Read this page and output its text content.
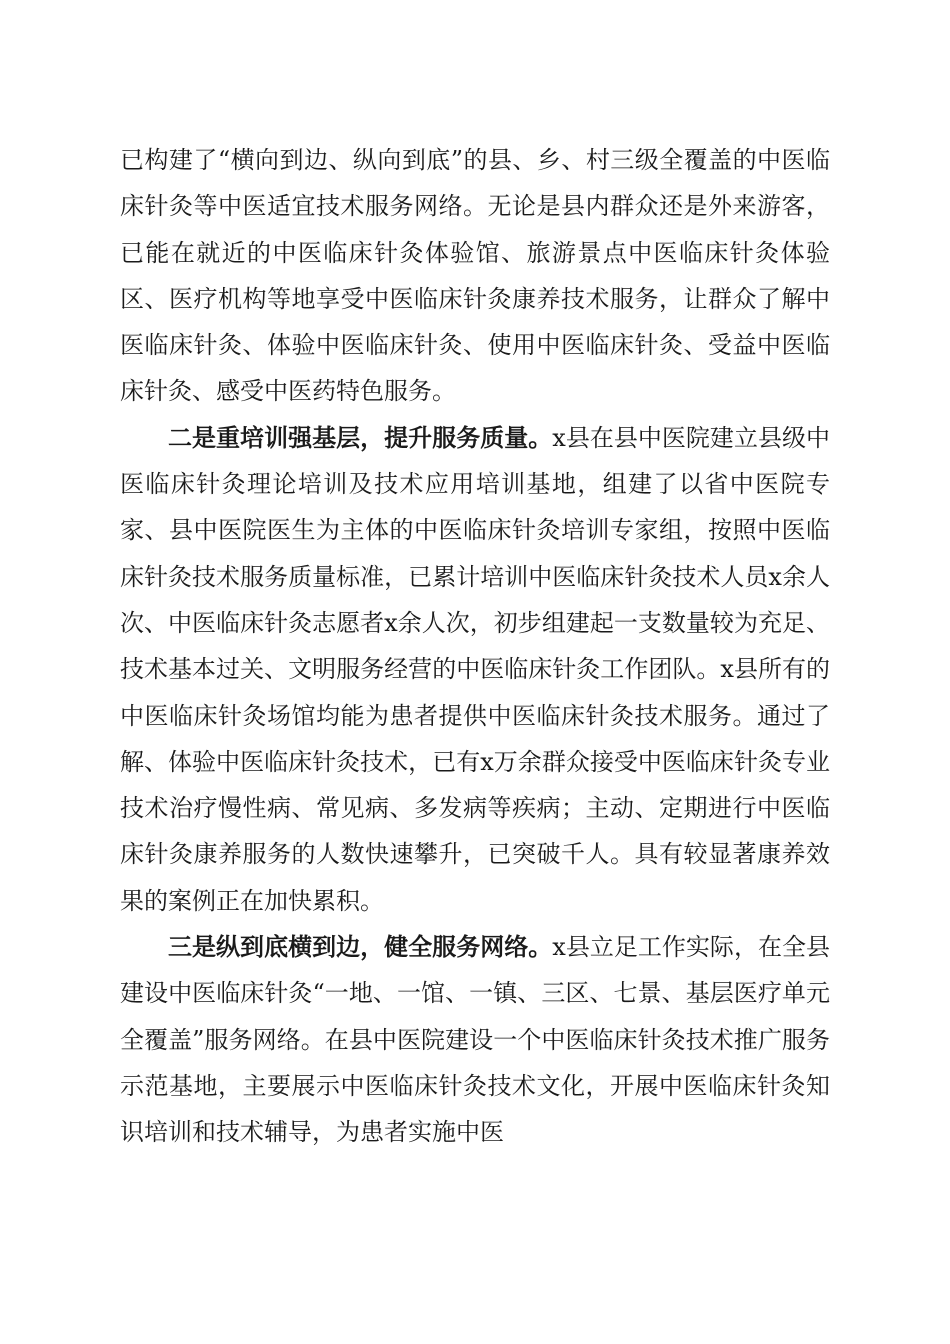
已构建了“横向到边、纵向到底”的县、乡、村三级全覆盖的中医临床针灸等中医适宜技术服务网络。无论是县内群众还是外来游客，已能在就近的中医临床针灸体验馆、旅游景点中医临床针灸体验区、医疗机构等地享受中医临床针灸康养技术服务，让群众了解中医临床针灸、体验中医临床针灸、使用中医临床针灸、受益中医临床针灸、感受中医药特色服务。

二是重培训强基层，提升服务质量。x县在县中医院建立县级中医临床针灸理论培训及技术应用培训基地，组建了以省中医院专家、县中医院医生为主体的中医临床针灸培训专家组，按照中医临床针灸技术服务质量标准，已累计培训中医临床针灸技术人员x余人次、中医临床针灸志愿者x余人次，初步组建起一支数量较为充足、技术基本过关、文明服务经营的中医临床针灸工作团队。x县所有的中医临床针灸场馆均能为患者提供中医临床针灸技术服务。通过了解、体验中医临床针灸技术，已有x万余群众接受中医临床针灸专业技术治疗慢性病、常见病、多发病等疾病；主动、定期进行中医临床针灸康养服务的人数快速攀升，已突破千人。具有较显著康养效果的案例正在加快累积。

三是纵到底横到边，健全服务网络。x县立足工作实际，在全县建设中医临床针灸“一地、一馆、一镇、三区、七景、基层医疗单元全覆盖”服务网络。在县中医院建设一个中医临床针灸技术推广服务示范基地，主要展示中医临床针灸技术文化，开展中医临床针灸知识培训和技术辅导，为患者实施中医
